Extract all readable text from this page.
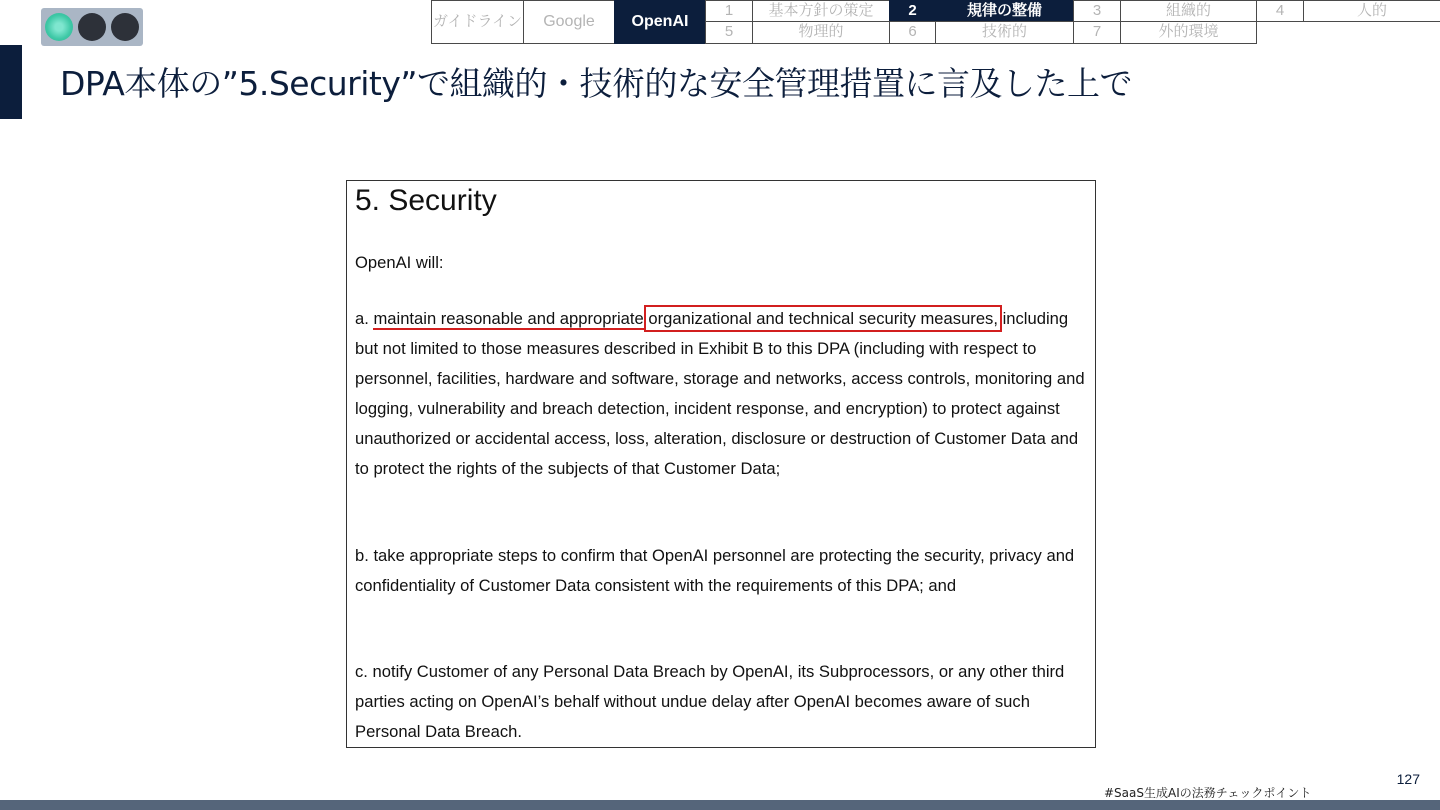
ガイドライン	Google	OpenAI
1	基本方針の策定	2	規律の整備	3	組織的	4	人的
5	物理的	6	技術的	7	外的環境
DPA本体の”5.Security”で組織的・技術的な安全管理措置に言及した上で
5. Security
OpenAI will:
a. maintain reasonable and appropriate organizational and technical security measures, including but not limited to those measures described in Exhibit B to this DPA (including with respect to personnel, facilities, hardware and software, storage and networks, access controls, monitoring and logging, vulnerability and breach detection, incident response, and encryption) to protect against unauthorized or accidental access, loss, alteration, disclosure or destruction of Customer Data and to protect the rights of the subjects of that Customer Data;
b. take appropriate steps to confirm that OpenAI personnel are protecting the security, privacy and confidentiality of Customer Data consistent with the requirements of this DPA; and
c. notify Customer of any Personal Data Breach by OpenAI, its Subprocessors, or any other third parties acting on OpenAI’s behalf without undue delay after OpenAI becomes aware of such Personal Data Breach.
127
#SaaS生成AIの法務チェックポイント
